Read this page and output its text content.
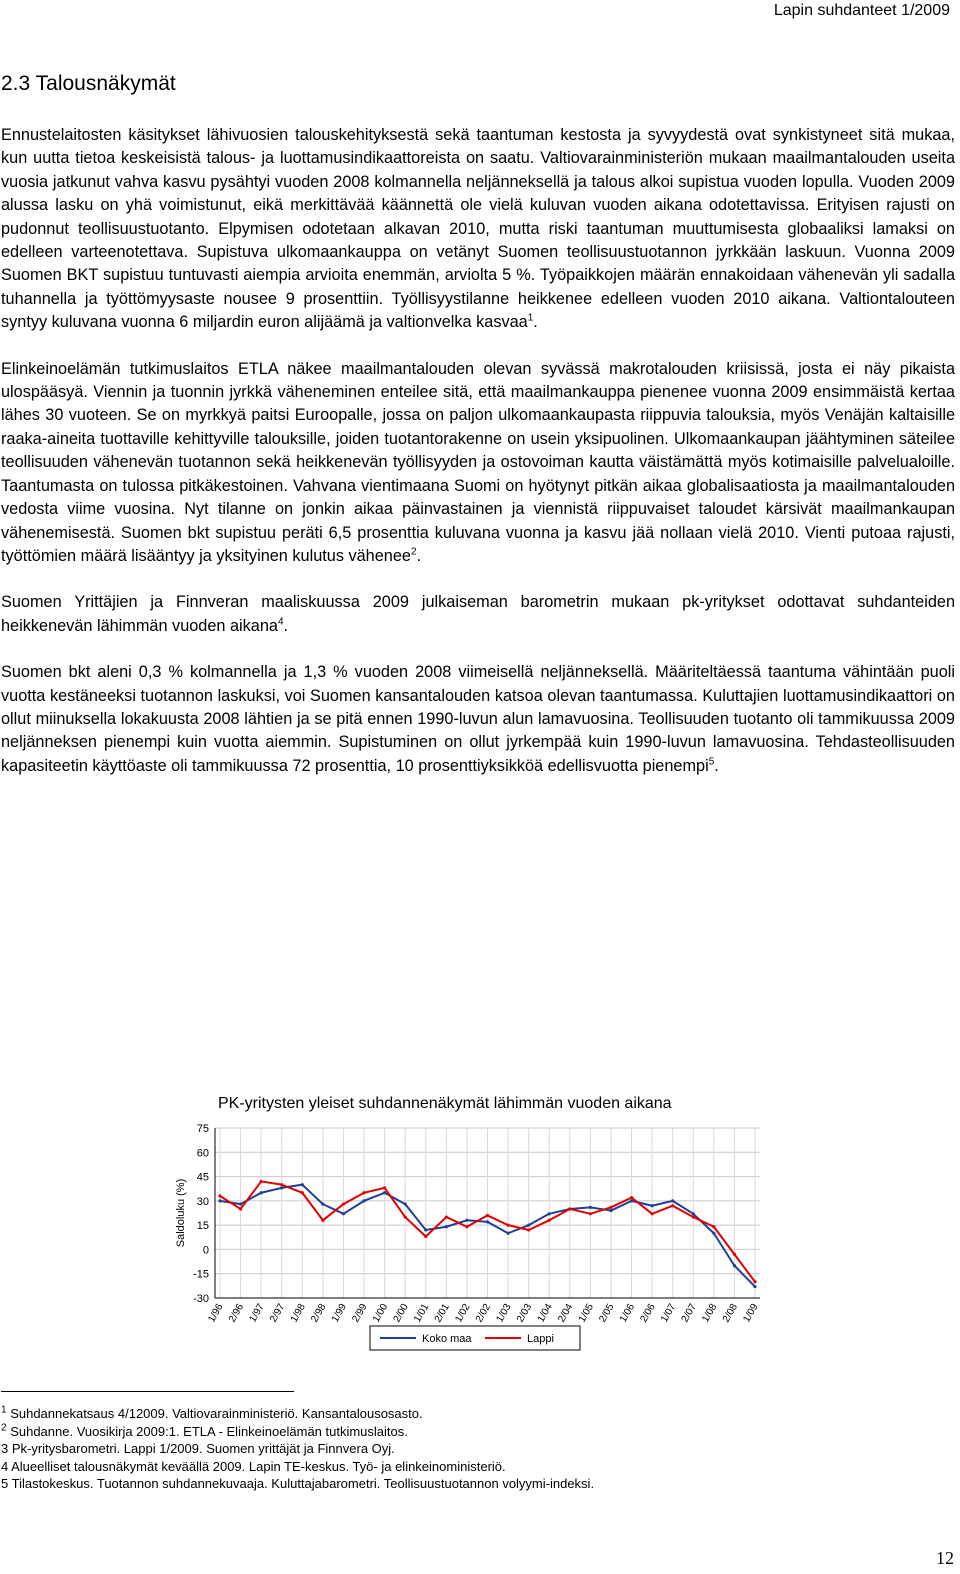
Lapin suhdanteet 1/2009
2.3 Talousnäkymät

Ennustelaitosten käsitykset lähivuosien talouskehityksestä sekä taantuman kestosta ja syvyydestä ovat synkistyneet sitä mukaa, kun uutta tietoa keskeisistä talous- ja luottamusindikaattoreista on saatu. Valtiovarainministeriön mukaan maailmantalouden useita vuosia jatkunut vahva kasvu pysähtyi vuoden 2008 kolmannella neljänneksellä ja talous alkoi supistua vuoden lopulla. Vuoden 2009 alussa lasku on yhä voimistunut, eikä merkittävää käännettä ole vielä kuluvan vuoden aikana odotettavissa. Erityisen rajusti on pudonnut teollisuustuotanto. Elpymisen odotetaan alkavan 2010, mutta riski taantuman muuttumisesta globaaliksi lamaksi on edelleen varteenotettava. Supistuva ulkomaankauppa on vetänyt Suomen teollisuustuotannon jyrkkään laskuun. Vuonna 2009 Suomen BKT supistuu tuntuvasti aiempia arvioita enemmän, arviolta 5 %. Työpaikkojen määrän ennakoidaan vähenevän yli sadalla tuhannella ja työttömyysaste nousee 9 prosenttiin. Työllisyystilanne heikkenee edelleen vuoden 2010 aikana. Valtiontalouteen syntyy kuluvana vuonna 6 miljardin euron alijäämä ja valtionvelka kasvaa$^1$.

Elinkeinoelämän tutkimuslaitos ETLA näkee maailmantalouden olevan syvässä makrotalouden kriisissä, josta ei näy pikaista ulospääsyä. Viennin ja tuonnin jyrkkä väheneminen enteilee sitä, että maailmankauppa pienenee vuonna 2009 ensimmäistä kertaa lähes 30 vuoteen. Se on myrkkyä paitsi Euroopalle, jossa on paljon ulkomaankaupasta riippuvia talouksia, myös Venäjän kaltaisille raaka-aineita tuottaville kehittyville talouksille, joiden tuotantorakenne on usein yksipuolinen. Ulkomaankaupan jäähtyminen säteilee teollisuuden vähenevän tuotannon sekä heikkenevän työllisyyden ja ostovoiman kautta väistämättä myös kotimaisille palvelualoille. Taantumasta on tulossa pitkäkestoinen. Vahvana vientimaana Suomi on hyötynyt pitkän aikaa globalisaatiosta ja maailmantalouden vedosta viime vuosina. Nyt tilanne on jonkin aikaa päinvastainen ja viennistä riippuvaiset taloudet kärsivät maailmankaupan vähenemisestä. Suomen bkt supistuu peräti 6,5 prosenttia kuluvana vuonna ja kasvu jää nollaan vielä 2010. Vienti putoaa rajusti, työttömien määrä lisääntyy ja yksityinen kulutus vähenee$^2$.

Suomen Yrittäjien ja Finnveran maaliskuussa 2009 julkaiseman barometrin mukaan pk-yritykset odottavat suhdanteiden heikkenevän lähimmän vuoden aikana$^4$.

Suomen bkt aleni 0,3 % kolmannella ja 1,3 % vuoden 2008 viimeisellä neljänneksellä. Määriteltäessä taantuma vähintään puoli vuotta kestäneeksi tuotannon laskuksi, voi Suomen kansantalouden katsoa olevan taantumassa. Kuluttajien luottamusindikaattori on ollut miinuksella lokakuusta 2008 lähtien ja se pitä ennen 1990-luvun alun lamavuosina. Teollisuuden tuotanto oli tammikuussa 2009 neljänneksen pienempi kuin vuotta aiemmin. Supistuminen on ollut jyrkempää kuin 1990-luvun lamavuosina. Tehdasteollisuuden kapasiteetin käyttöaste oli tammikuussa 72 prosenttia, 10 prosenttiyksikköä edellisvuotta pienempi$^5$.

PK-yritysten yleiset suhdannenäkymät lähimmän vuoden aikana
75
60
45
30
15
0
-15
-30
Saldoluku (%)
1/96 2/96 1/97 2/97 1/98 2/98 1/99 2/99 1/00 2/00 1/01 2/01 1/02 2/02 1/03 2/03 1/04 2/04 1/05 2/05 1/06 2/06 1/07 2/07 1/08 2/08 1/09
Koko maa	Lappi
$^1$ Suhdannekatsaus 4/12009. Valtiovarainministeriö. Kansantalousosasto.
$^2$ Suhdanne. Vuosikirja 2009:1. ETLA - Elinkeinoelämän tutkimuslaitos.
3 Pk-yritysbarometri. Lappi 1/2009. Suomen yrittäjät ja Finnvera Oyj.
4 Alueelliset talousnäkymät keväällä 2009. Lapin TE-keskus. Työ- ja elinkeinoministeriö.
5 Tilastokeskus. Tuotannon suhdannekuvaaja. Kuluttajabarometri. Teollisuustuotannon volyymi-indeksi.
12
